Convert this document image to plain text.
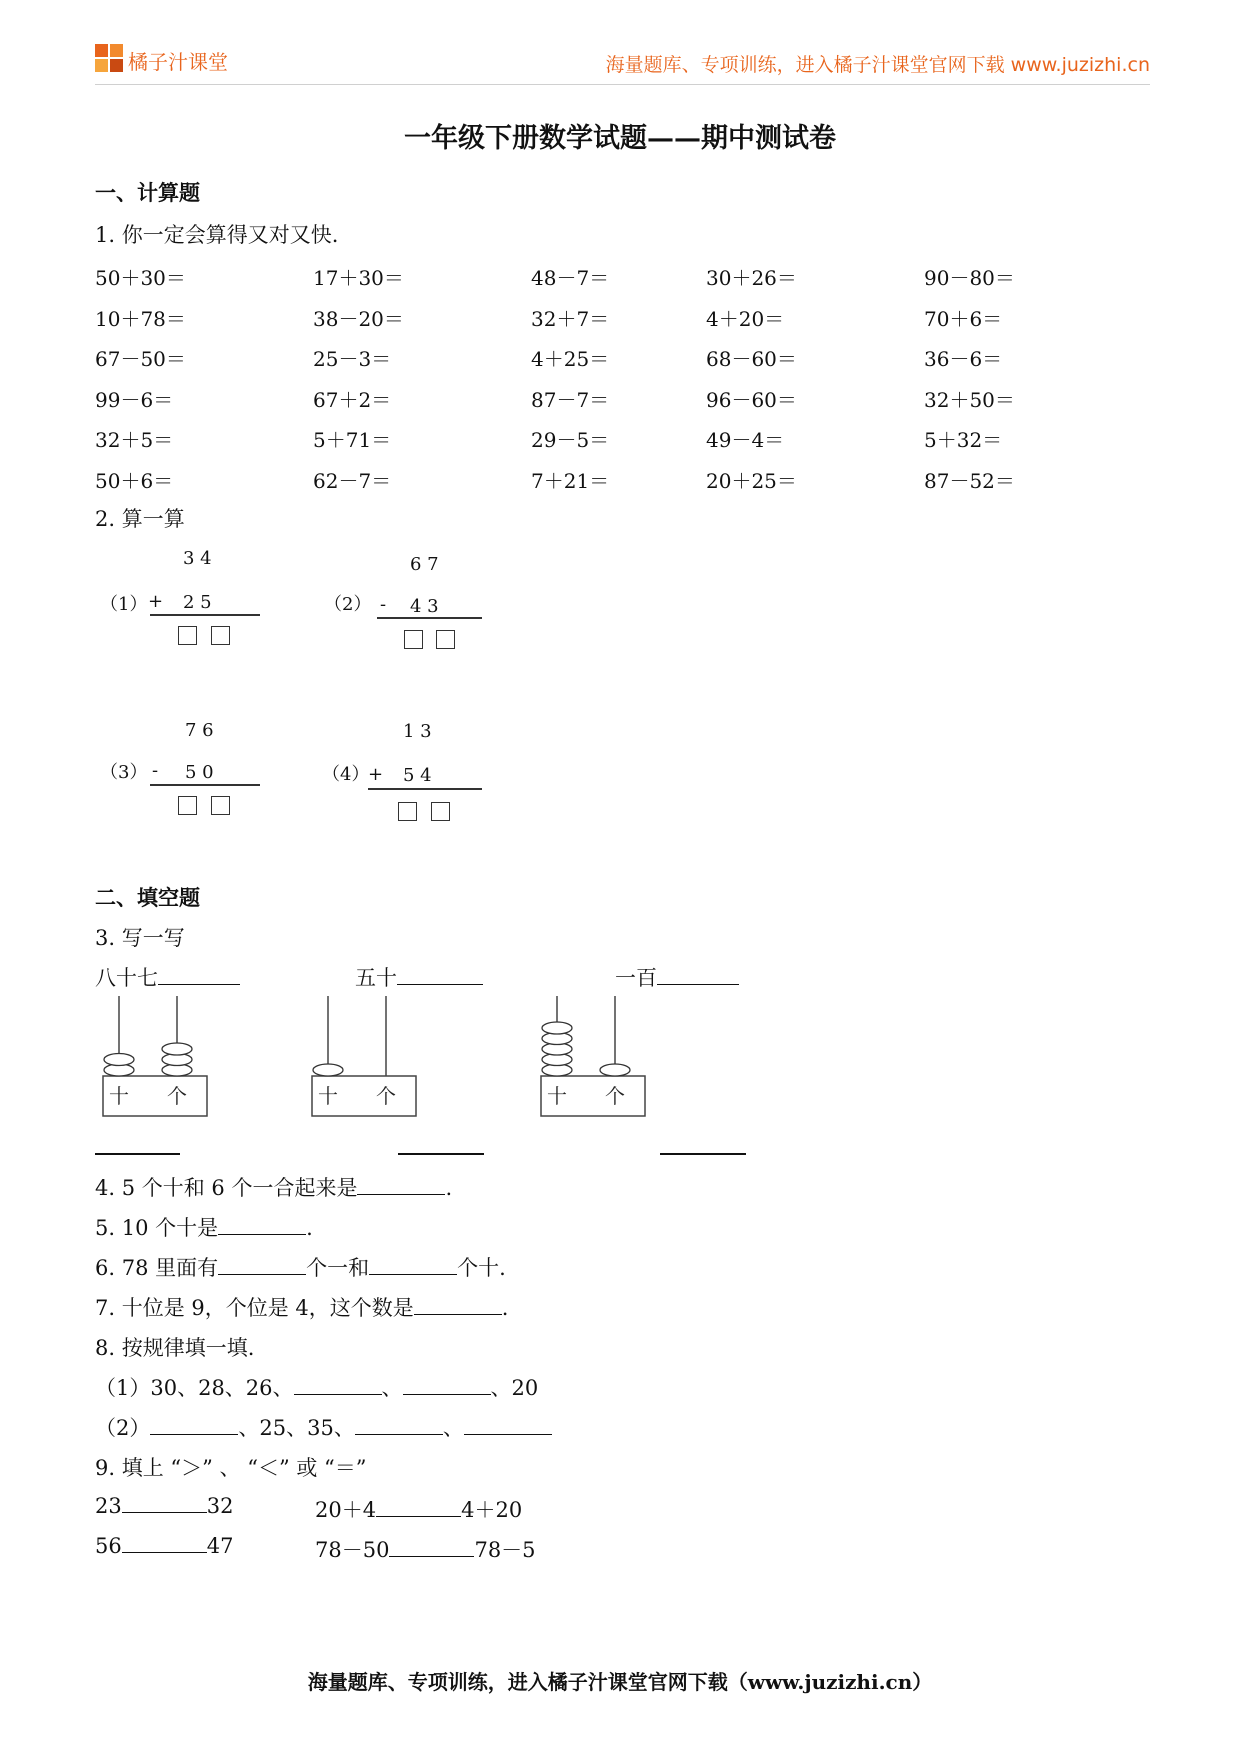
橘子汁课堂	海量题库、专项训练，进入橘子汁课堂官网下载 www.juzizhi.cn
一年级下册数学试题——期中测试卷
一、计算题
1. 你一定会算得又对又快.
50＋30＝	17＋30＝	48－7＝	30＋26＝	90－80＝
10＋78＝	38－20＝	32＋7＝	4＋20＝	70＋6＝
67－50＝	25－3＝	4＋25＝	68－60＝	36－6＝
99－6＝	67＋2＝	87－7＝	96－60＝	32＋50＝
32＋5＝	5＋71＝	29－5＝	49－4＝	5＋32＝
50＋6＝	62－7＝	7＋21＝	20＋25＝	87－52＝
2. 算一算
3 4
（1） + 2 5
6 7
（2） - 4 3
7 6
（3） - 5 0
1 3
（4）
+ 5 4
二、填空题
3. 写一写
八十七	五十	一百
十 个	十 个	十 个
4. 5 个十和 6 个一合起来是	.
5. 10 个十是	.
6. 78 里面有	个一和	个十.
7. 十位是 9，个位是 4，这个数是	.
8. 按规律填一填.
（1）30、28、26、	、	、20
（2）	、25、35、	、
9. 填上 “＞” 、 “＜” 或 “＝”
23	32	20＋4	4＋20
56	47	78－50	78－5
海量题库、专项训练，进入橘子汁课堂官网下载（www.juzizhi.cn）
